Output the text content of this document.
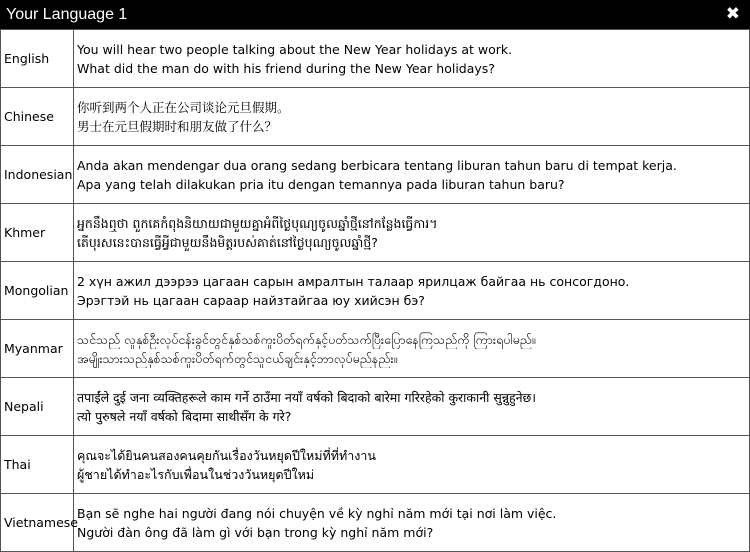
Your Language 1	✖
English	You will hear two people talking about the New Year holidays at work.
What did the man do with his friend during the New Year holidays?

Chinese	你听到两个人正在公司谈论元旦假期。
男士在元旦假期时和朋友做了什么？

Indonesian	Anda akan mendengar dua orang sedang berbicara tentang liburan tahun baru di tempat kerja.
Apa yang telah dilakukan pria itu dengan temannya pada liburan tahun baru?

Khmer	អ្នកនឹងឮថា ពួកគេកំពុងនិយាយជាមួយគ្នាអំពីថ្ងៃបុណ្យចូលឆ្នាំថ្មីនៅកន្លែងធ្វើការ។
តើបុរសនេះបានធ្វើអ្វីជាមួយនឹងមិត្តរបស់គាត់នៅថ្ងៃបុណ្យចូលឆ្នាំថ្មី?

Mongolian	2 хүн ажил дээрээ цагаан сарын амралтын талаар ярилцаж байгаа нь сонсогдоно.
Эрэгтэй нь цагаан сараар найзтайгаа юу хийсэн бэ?

Myanmar	သင်သည် လူနှစ်ဦးလုပ်ငန်းခွင်တွင်နှစ်သစ်ကူးပိတ်ရက်နှင့်ပတ်သက်ပြီးပြောနေကြသည်ကို ကြားရပါမည်။
အမျိုးသားသည်နှစ်သစ်ကူးပိတ်ရက်တွင်သူငယ်ချင်းနှင့်ဘာလုပ်မည်နည်း။

Nepali	तपाईंले दुई जना व्यक्तिहरूले काम गर्ने ठाउँमा नयाँ वर्षको बिदाको बारेमा गरिरहेको कुराकानी सुन्नुहुनेछ।
त्यो पुरुषले नयाँ वर्षको बिदामा साथीसँग के गरे?

Thai	คุณจะได้ยินคนสองคนคุยกันเรื่องวันหยุดปีใหม่ที่ที่ทำงาน
ผู้ชายได้ทำอะไรกับเพื่อนในช่วงวันหยุดปีใหม่

Vietnamese	Bạn sẽ nghe hai người đang nói chuyện về kỳ nghỉ năm mới tại nơi làm việc.
Người đàn ông đã làm gì với bạn trong kỳ nghỉ năm mới?
